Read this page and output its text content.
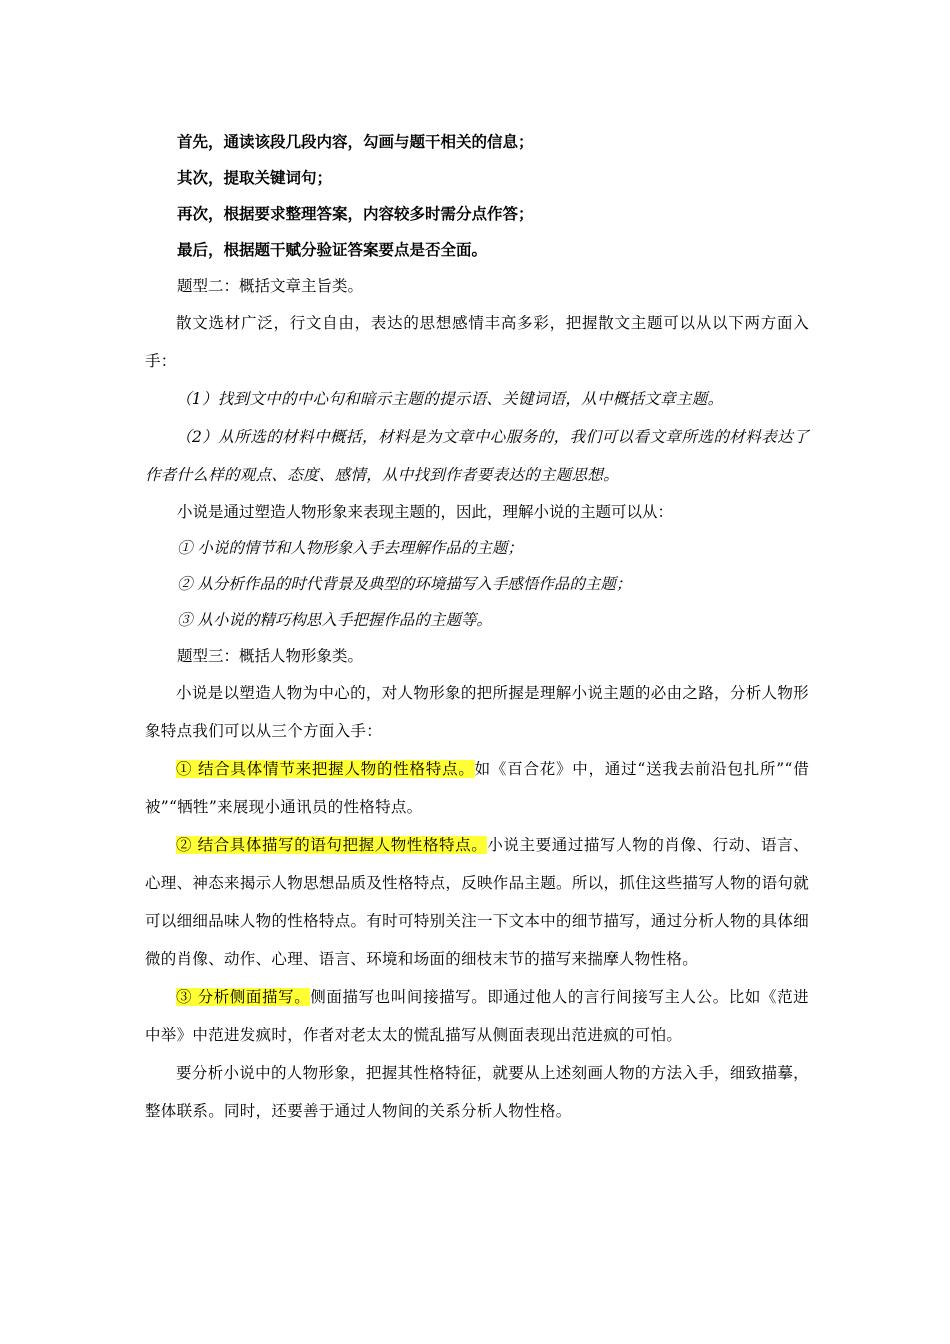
首先，通读该段几段内容，勾画与题干相关的信息；

其次，提取关键词句；

再次，根据要求整理答案，内容较多时需分点作答；

最后，根据题干赋分验证答案要点是否全面。

题型二：概括文章主旨类。

散文选材广泛，行文自由，表达的思想感情丰高多彩，把握散文主题可以从以下两方面入手：

（1）找到文中的中心句和暗示主题的提示语、关键词语，从中概括文章主题。

（2）从所选的材料中概括，材料是为文章中心服务的，我们可以看文章所选的材料表达了作者什么样的观点、态度、感情，从中找到作者要表达的主题思想。

小说是通过塑造人物形象来表现主题的，因此，理解小说的主题可以从：

① 小说的情节和人物形象入手去理解作品的主题；

② 从分析作品的时代背景及典型的环境描写入手感悟作品的主题；

③ 从小说的精巧构思入手把握作品的主题等。

题型三：概括人物形象类。

小说是以塑造人物为中心的，对人物形象的把所握是理解小说主题的必由之路，分析人物形象特点我们可以从三个方面入手：

① 结合具体情节来把握人物的性格特点。如《百合花》中，通过“送我去前沿包扎所”“借被”“牺牲”来展现小通讯员的性格特点。

② 结合具体描写的语句把握人物性格特点。小说主要通过描写人物的肖像、行动、语言、心理、神态来揭示人物思想品质及性格特点，反映作品主题。所以，抓住这些描写人物的语句就可以细细品味人物的性格特点。有时可特别关注一下文本中的细节描写，通过分析人物的具体细微的肖像、动作、心理、语言、环境和场面的细枝末节的描写来揣摩人物性格。

③ 分析侧面描写。侧面描写也叫间接描写。即通过他人的言行间接写主人公。比如《范进中举》中范进发疯时，作者对老太太的慌乱描写从侧面表现出范进疯的可怕。

要分析小说中的人物形象，把握其性格特征，就要从上述刻画人物的方法入手，细致描摹，整体联系。同时，还要善于通过人物间的关系分析人物性格。
